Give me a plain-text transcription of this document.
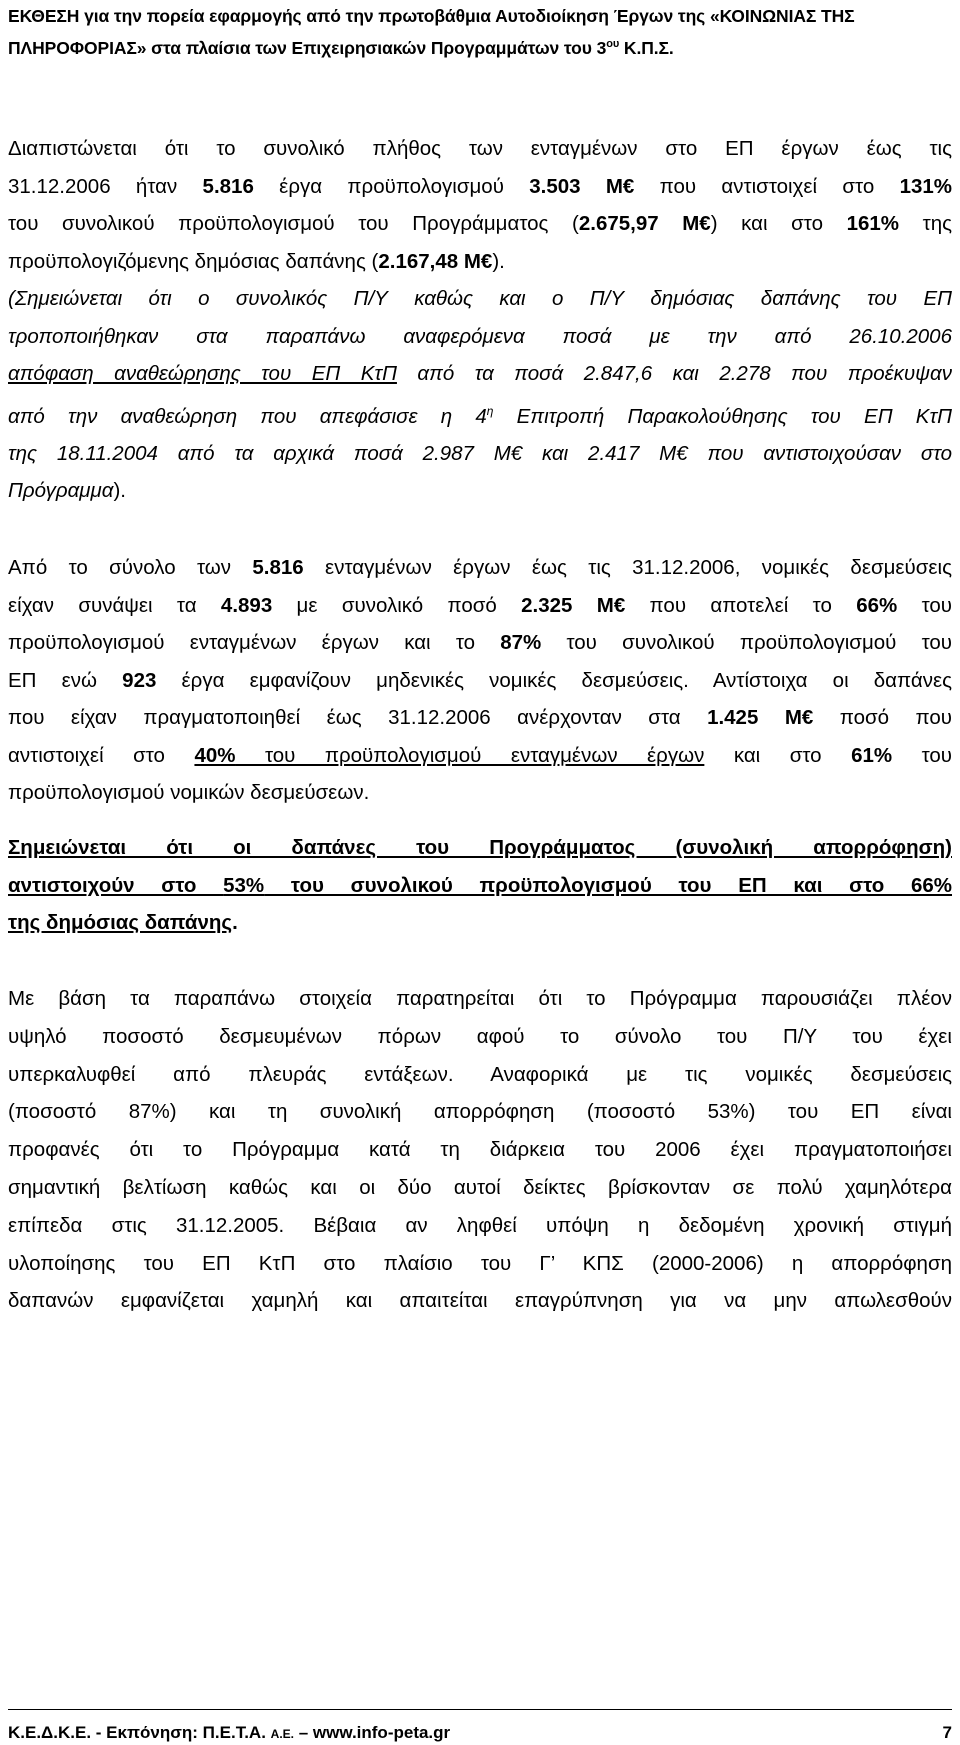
ΕΚΘΕΣΗ για την πορεία εφαρμογής από την πρωτοβάθμια Αυτοδιοίκηση Έργων της «ΚΟΙΝΩΝΙΑΣ ΤΗΣ
ΠΛΗΡΟΦΟΡΙΑΣ» στα πλαίσια των Επιχειρησιακών Προγραμμάτων του $3^{o\upsilon}$ Κ.Π.Σ.
Διαπιστώνεται ότι το συνολικό πλήθος των ενταγμένων στο ΕΠ έργων έως τις
31.12.2006 ήταν 5.816 έργα προϋπολογισμού 3.503 Μ€ που αντιστοιχεί στο 131%
του συνολικού προϋπολογισμού του Προγράμματος (2.675,97 Μ€) και στο 161% της
προϋπολογιζόμενης δημόσιας δαπάνης (2.167,48 Μ€).
(Σημειώνεται ότι ο συνολικός Π/Υ καθώς και ο Π/Υ δημόσιας δαπάνης του ΕΠ
τροποποιήθηκαν στα παραπάνω αναφερόμενα ποσά με την από 26.10.2006
απόφαση αναθεώρησης του ΕΠ ΚτΠ από τα ποσά 2.847,6 και 2.278 που προέκυψαν
από την αναθεώρηση που απεφάσισε η $4^\eta$ Επιτροπή Παρακολούθησης του ΕΠ ΚτΠ
της 18.11.2004 από τα αρχικά ποσά 2.987 Μ€ και 2.417 Μ€ που αντιστοιχούσαν στο
Πρόγραμμα).
Από το σύνολο των 5.816 ενταγμένων έργων έως τις 31.12.2006, νομικές δεσμεύσεις
είχαν συνάψει τα 4.893 με συνολικό ποσό 2.325 Μ€ που αποτελεί το 66% του
προϋπολογισμού ενταγμένων έργων και το 87% του συνολικού προϋπολογισμού του
ΕΠ ενώ 923 έργα εμφανίζουν μηδενικές νομικές δεσμεύσεις. Αντίστοιχα οι δαπάνες
που είχαν πραγματοποιηθεί έως 31.12.2006 ανέρχονταν στα 1.425 Μ€ ποσό που
αντιστοιχεί στο 40% του προϋπολογισμού ενταγμένων έργων και στο 61% του
προϋπολογισμού νομικών δεσμεύσεων.
Σημειώνεται ότι οι δαπάνες του Προγράμματος (συνολική απορρόφηση)
αντιστοιχούν στο 53% του συνολικού προϋπολογισμού του ΕΠ και στο 66%
της δημόσιας δαπάνης.
Με βάση τα παραπάνω στοιχεία παρατηρείται ότι το Πρόγραμμα παρουσιάζει πλέον
υψηλό ποσοστό δεσμευμένων πόρων αφού το σύνολο του Π/Υ του έχει
υπερκαλυφθεί από πλευράς εντάξεων. Αναφορικά με τις νομικές δεσμεύσεις
(ποσοστό 87%) και τη συνολική απορρόφηση (ποσοστό 53%) του ΕΠ είναι
προφανές ότι το Πρόγραμμα κατά τη διάρκεια του 2006 έχει πραγματοποιήσει
σημαντική βελτίωση καθώς και οι δύο αυτοί δείκτες βρίσκονταν σε πολύ χαμηλότερα
επίπεδα στις 31.12.2005. Βέβαια αν ληφθεί υπόψη η δεδομένη χρονική στιγμή
υλοποίησης του ΕΠ ΚτΠ στο πλαίσιο του Γ’ ΚΠΣ (2000-2006) η απορρόφηση
δαπανών εμφανίζεται χαμηλή και απαιτείται επαγρύπνηση για να μην απωλεσθούν
Κ.Ε.Δ.Κ.Ε. - Εκπόνηση: Π.Ε.Τ.Α. Α.Ε. – www.info-peta.gr	7
